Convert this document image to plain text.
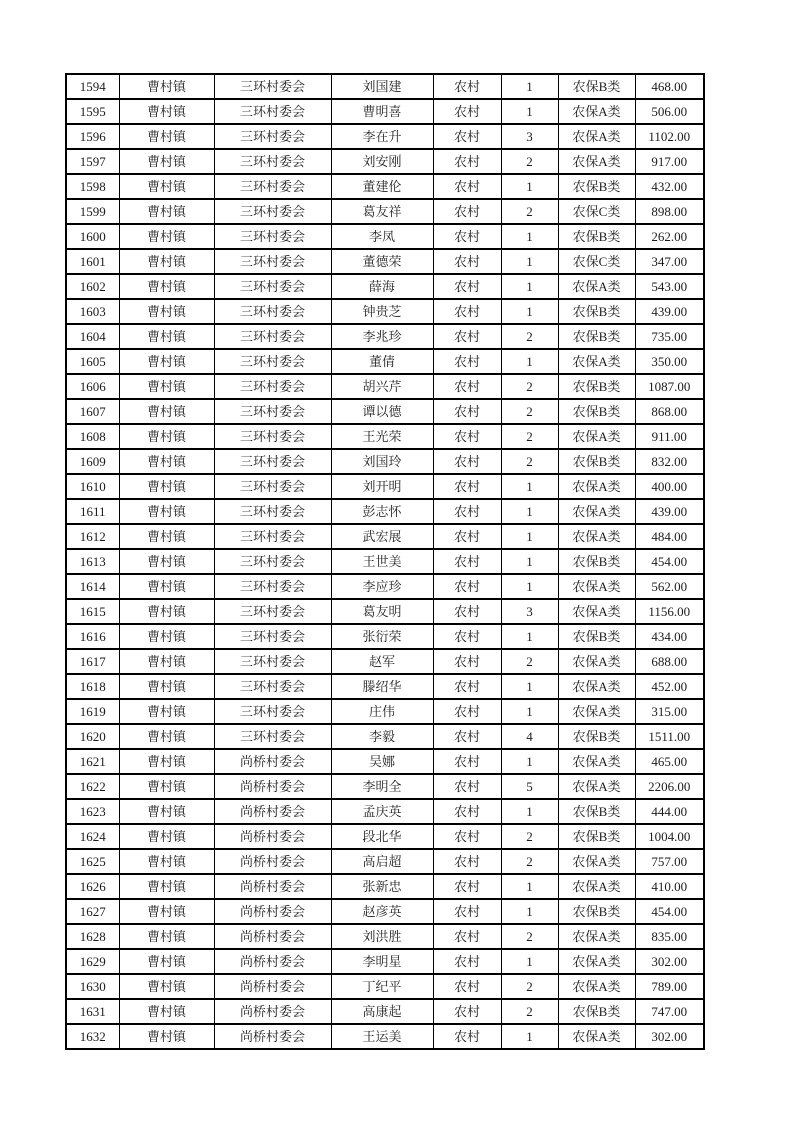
1594	曹村镇	三环村委会	刘国建	农村	1	农保B类	468.00
1595	曹村镇	三环村委会	曹明喜	农村	1	农保A类	506.00
1596	曹村镇	三环村委会	李在升	农村	3	农保A类	1102.00
1597	曹村镇	三环村委会	刘安刚	农村	2	农保A类	917.00
1598	曹村镇	三环村委会	董建伦	农村	1	农保B类	432.00
1599	曹村镇	三环村委会	葛友祥	农村	2	农保C类	898.00
1600	曹村镇	三环村委会	李凤	农村	1	农保B类	262.00
1601	曹村镇	三环村委会	董德荣	农村	1	农保C类	347.00
1602	曹村镇	三环村委会	薛海	农村	1	农保A类	543.00
1603	曹村镇	三环村委会	钟贵芝	农村	1	农保B类	439.00
1604	曹村镇	三环村委会	李兆珍	农村	2	农保B类	735.00
1605	曹村镇	三环村委会	董倩	农村	1	农保A类	350.00
1606	曹村镇	三环村委会	胡兴芹	农村	2	农保B类	1087.00
1607	曹村镇	三环村委会	谭以德	农村	2	农保B类	868.00
1608	曹村镇	三环村委会	王光荣	农村	2	农保A类	911.00
1609	曹村镇	三环村委会	刘国玲	农村	2	农保B类	832.00
1610	曹村镇	三环村委会	刘开明	农村	1	农保A类	400.00
1611	曹村镇	三环村委会	彭志怀	农村	1	农保A类	439.00
1612	曹村镇	三环村委会	武宏展	农村	1	农保A类	484.00
1613	曹村镇	三环村委会	王世美	农村	1	农保B类	454.00
1614	曹村镇	三环村委会	李应珍	农村	1	农保A类	562.00
1615	曹村镇	三环村委会	葛友明	农村	3	农保A类	1156.00
1616	曹村镇	三环村委会	张衍荣	农村	1	农保B类	434.00
1617	曹村镇	三环村委会	赵军	农村	2	农保A类	688.00
1618	曹村镇	三环村委会	滕绍华	农村	1	农保A类	452.00
1619	曹村镇	三环村委会	庄伟	农村	1	农保A类	315.00
1620	曹村镇	三环村委会	李毅	农村	4	农保B类	1511.00
1621	曹村镇	尚桥村委会	吴娜	农村	1	农保A类	465.00
1622	曹村镇	尚桥村委会	李明全	农村	5	农保A类	2206.00
1623	曹村镇	尚桥村委会	孟庆英	农村	1	农保B类	444.00
1624	曹村镇	尚桥村委会	段北华	农村	2	农保B类	1004.00
1625	曹村镇	尚桥村委会	高启超	农村	2	农保A类	757.00
1626	曹村镇	尚桥村委会	张新忠	农村	1	农保A类	410.00
1627	曹村镇	尚桥村委会	赵彦英	农村	1	农保B类	454.00
1628	曹村镇	尚桥村委会	刘洪胜	农村	2	农保A类	835.00
1629	曹村镇	尚桥村委会	李明星	农村	1	农保A类	302.00
1630	曹村镇	尚桥村委会	丁纪平	农村	2	农保A类	789.00
1631	曹村镇	尚桥村委会	高康起	农村	2	农保B类	747.00
1632	曹村镇	尚桥村委会	王运美	农村	1	农保A类	302.00
